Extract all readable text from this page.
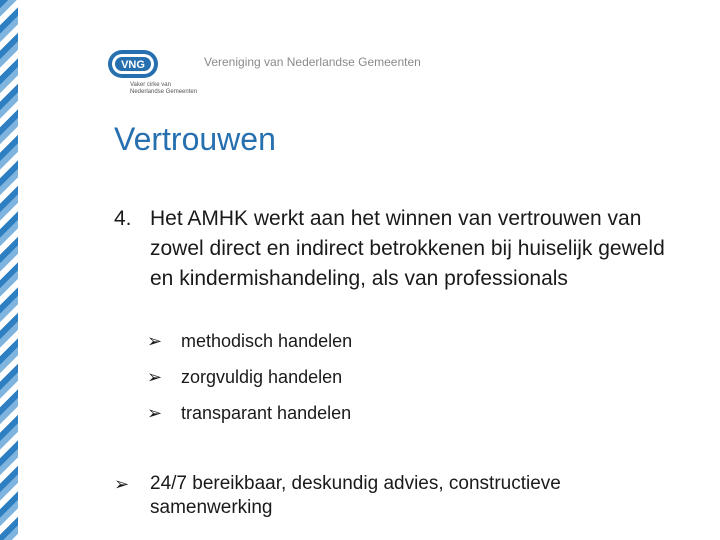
VNG
Vaker cirke van
Nederlandse Gemeenten
Vereniging van Nederlandse Gemeenten
Vertrouwen
4. Het AMHK werkt aan het winnen van vertrouwen van zowel direct en indirect betrokkenen bij huiselijk geweld en kindermishandeling, als van professionals
➢ methodisch handelen
➢ zorgvuldig handelen
➢ transparant handelen
➢	24/7 bereikbaar, deskundig advies, constructieve samenwerking
